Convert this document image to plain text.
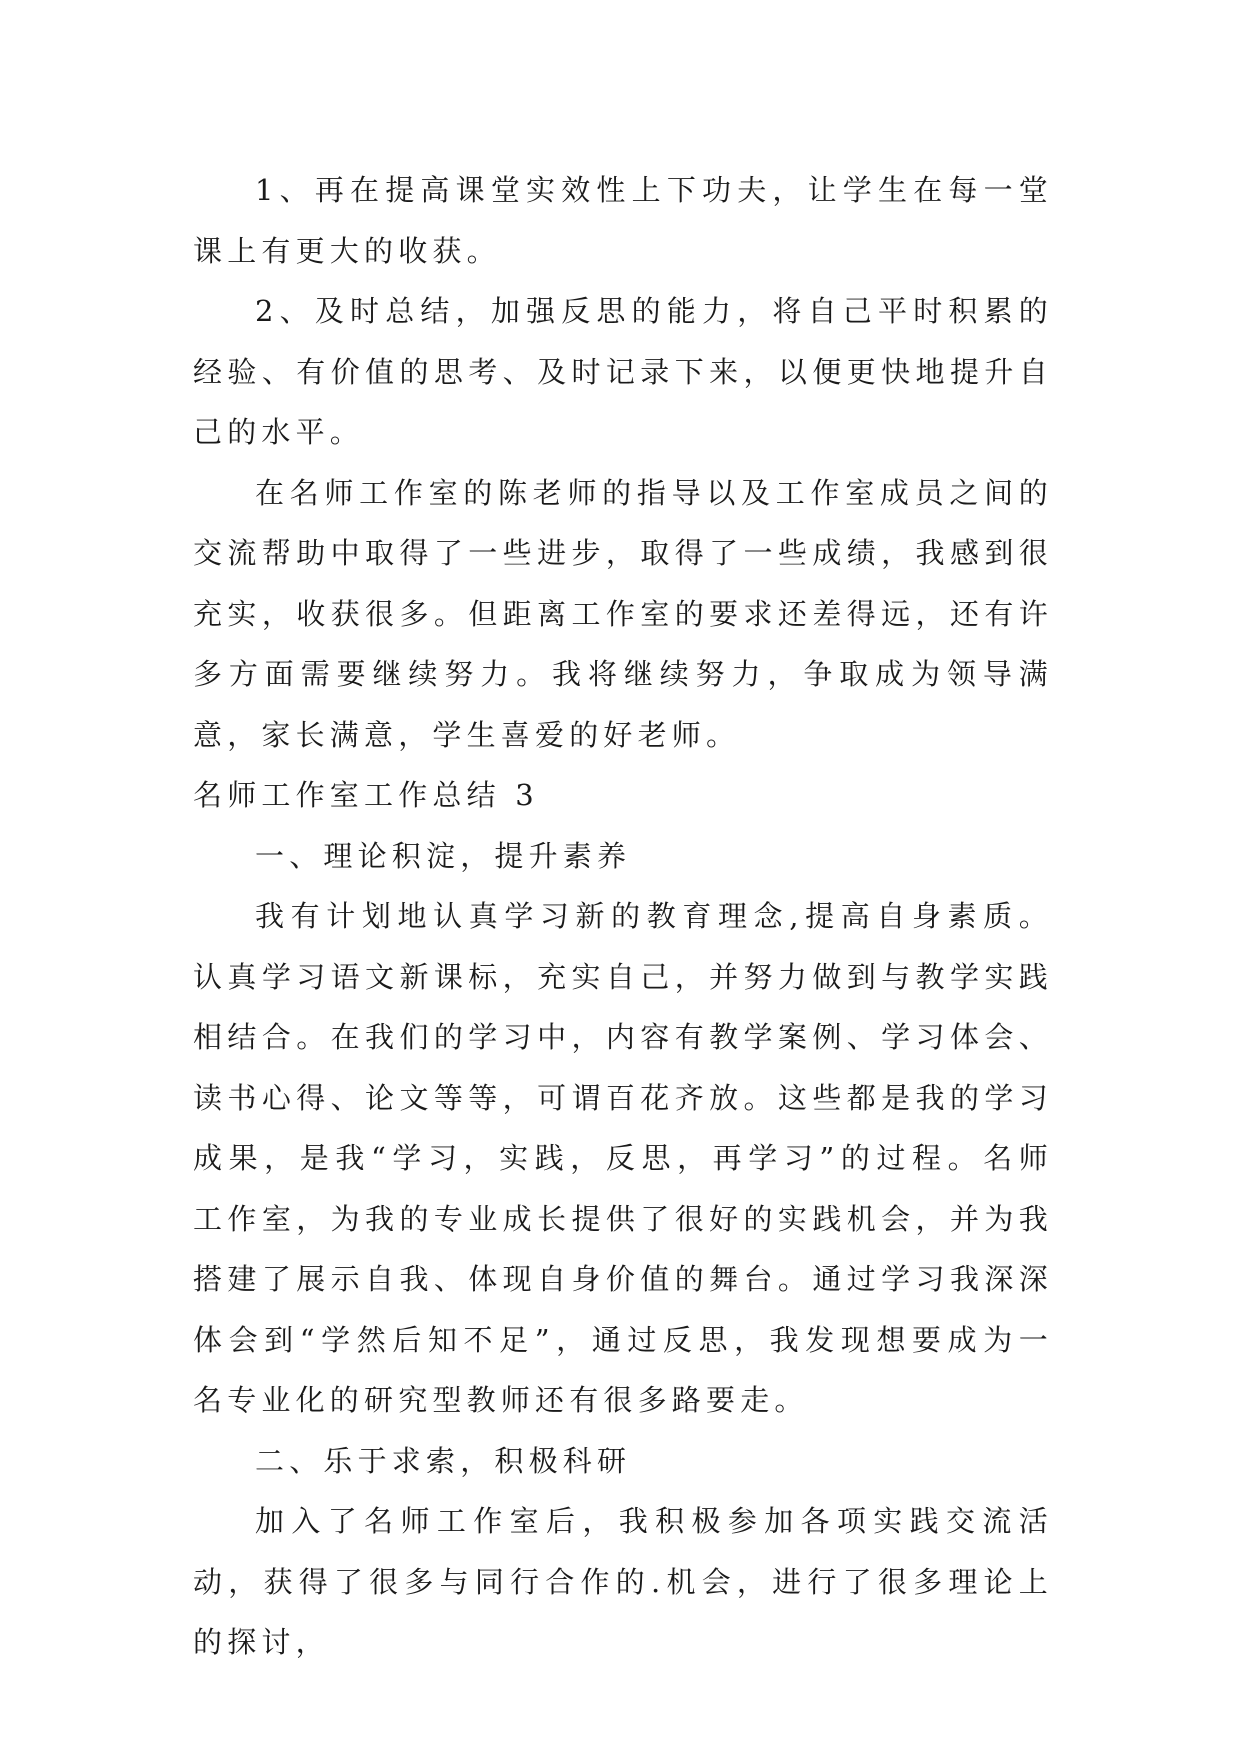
1、再在提高课堂实效性上下功夫，让学生在每一堂课上有更大的收获。

2、及时总结，加强反思的能力，将自己平时积累的经验、有价值的思考、及时记录下来，以便更快地提升自己的水平。

在名师工作室的陈老师的指导以及工作室成员之间的交流帮助中取得了一些进步，取得了一些成绩，我感到很充实，收获很多。但距离工作室的要求还差得远，还有许多方面需要继续努力。我将继续努力，争取成为领导满意，家长满意，学生喜爱的好老师。

名师工作室工作总结 3

一、理论积淀，提升素养

我有计划地认真学习新的教育理念,提高自身素质。认真学习语文新课标，充实自己，并努力做到与教学实践相结合。在我们的学习中，内容有教学案例、学习体会、读书心得、论文等等，可谓百花齐放。这些都是我的学习成果，是我“学习，实践，反思，再学习”的过程。名师工作室，为我的专业成长提供了很好的实践机会，并为我搭建了展示自我、体现自身价值的舞台。通过学习我深深体会到“学然后知不足”，通过反思，我发现想要成为一名专业化的研究型教师还有很多路要走。

二、乐于求索，积极科研

加入了名师工作室后，我积极参加各项实践交流活动，获得了很多与同行合作的.机会，进行了很多理论上的探讨，
